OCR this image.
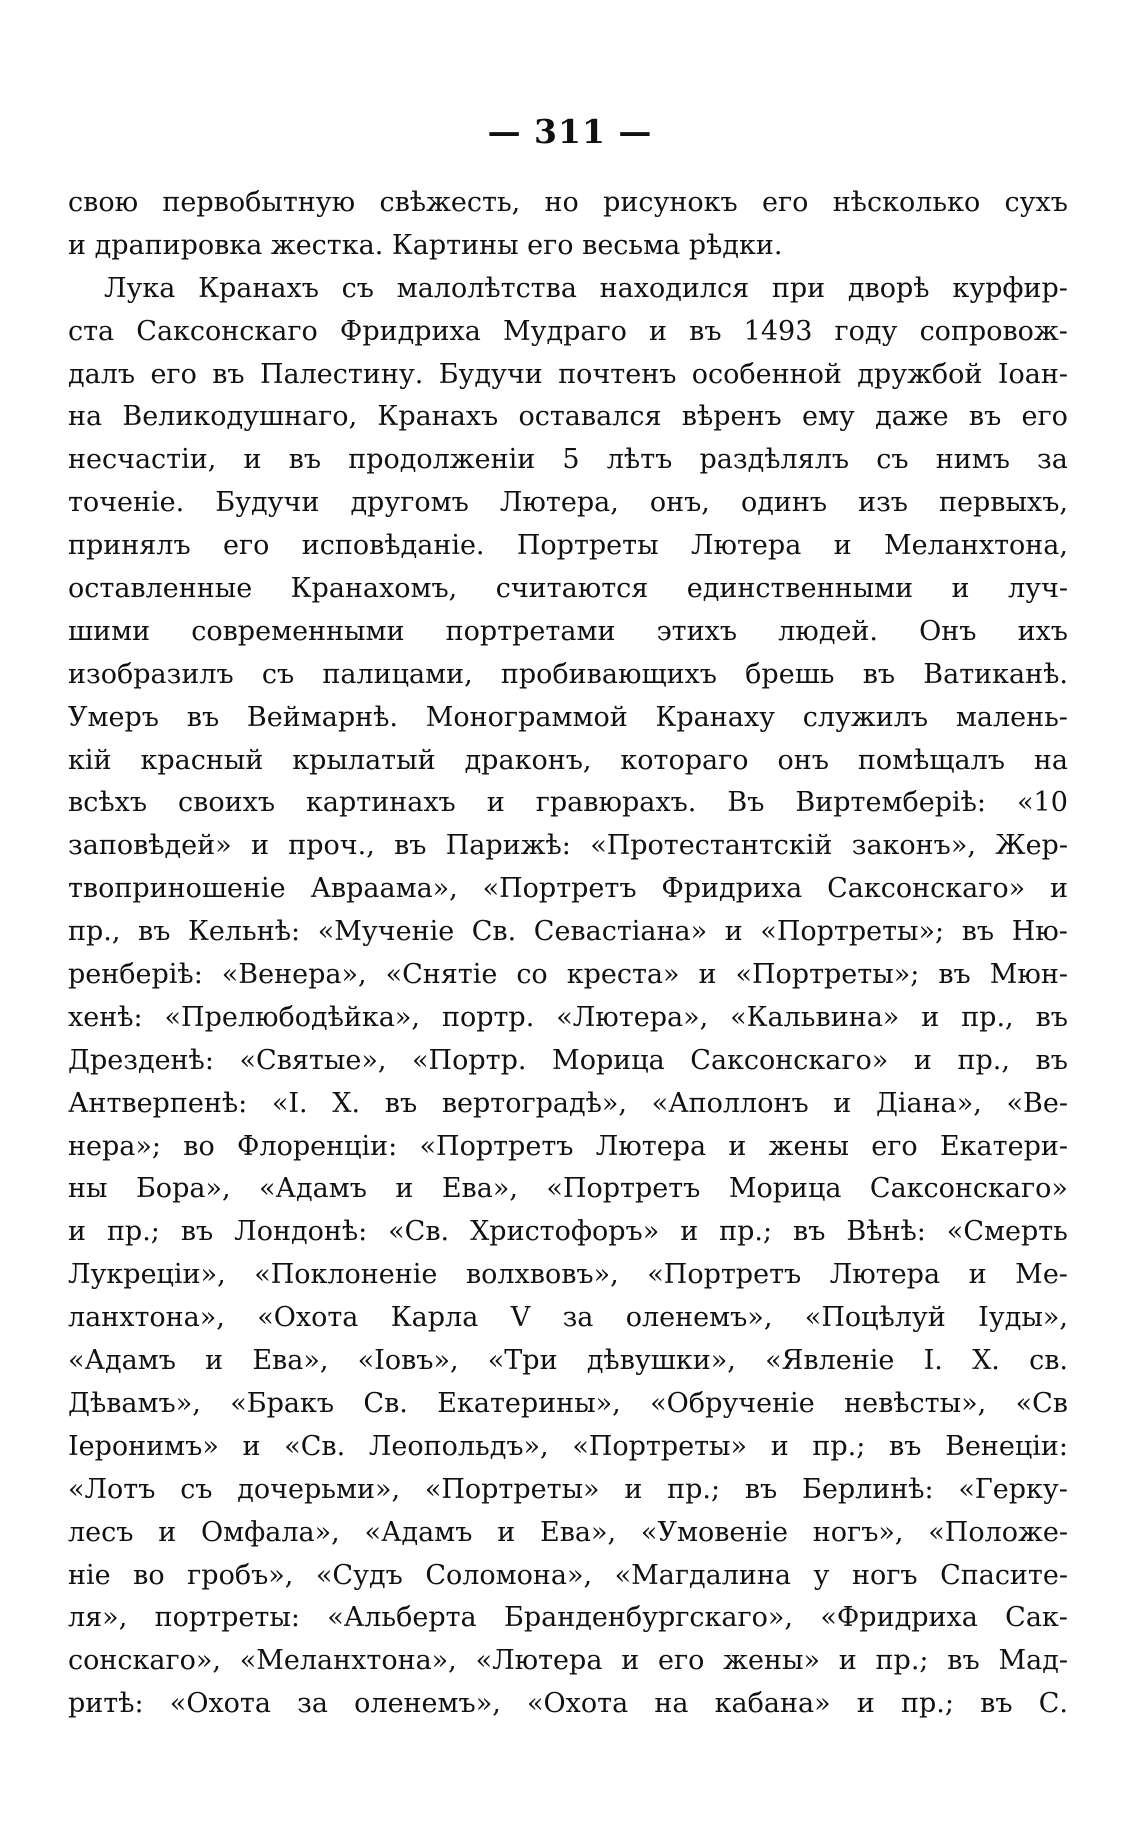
— 311 —
свою первобытную свѣжесть, но рисунокъ его нѣсколько сухъ
и драпировка жестка. Картины его весьма рѣдки.
Лука Кранахъ съ малолѣтства находился при дворѣ курфир-
ста Саксонскаго Фридриха Мудраго и въ 1493 году сопровож-
далъ его въ Палестину. Будучи почтенъ особенной дружбой Іоан-
на Великодушнаго, Кранахъ оставался вѣренъ ему даже въ его
несчастіи, и въ продолженіи 5 лѣтъ раздѣлялъ съ нимъ за
точеніе. Будучи другомъ Лютера, онъ, одинъ изъ первыхъ,
принялъ его исповѣданіе. Портреты Лютера и Меланхтона,
оставленные Кранахомъ, считаются единственными и луч-
шими современными портретами этихъ людей. Онъ ихъ
изобразилъ съ палицами, пробивающихъ брешь въ Ватиканѣ.
Умеръ въ Веймарнѣ. Монограммой Кранаху служилъ малень-
кій красный крылатый драконъ, котораго онъ помѣщалъ на
всѣхъ своихъ картинахъ и гравюрахъ. Въ Виртемберіѣ: «10
заповѣдей» и проч., въ Парижѣ: «Протестантскій законъ», Жер-
твоприношеніе Авраама», «Портретъ Фридриха Саксонскаго» и
пр., въ Кельнѣ: «Мученіе Св. Севастіана» и «Портреты»; въ Ню-
ренберіѣ: «Венера», «Снятіе со креста» и «Портреты»; въ Мюн-
хенѣ: «Прелюбодѣйка», портр. «Лютера», «Кальвина» и пр., въ
Дрезденѣ: «Святые», «Портр. Морица Саксонскаго» и пр., въ
Антверпенѣ: «І. Х. въ вертоградѣ», «Аполлонъ и Діана», «Ве-
нера»; во Флоренціи: «Портретъ Лютера и жены его Екатери-
ны Бора», «Адамъ и Ева», «Портретъ Морица Саксонскаго»
и пр.; въ Лондонѣ: «Св. Христофоръ» и пр.; въ Вѣнѣ: «Смерть
Лукреціи», «Поклоненіе волхвовъ», «Портретъ Лютера и Ме-
ланхтона», «Охота Карла V за оленемъ», «Поцѣлуй Іуды»,
«Адамъ и Ева», «Іовъ», «Три дѣвушки», «Явленіе І. Х. св.
Дѣвамъ», «Бракъ Св. Екатерины», «Обрученіе невѣсты», «Св
Іеронимъ» и «Св. Леопольдъ», «Портреты» и пр.; въ Венеціи:
«Лотъ съ дочерьми», «Портреты» и пр.; въ Берлинѣ: «Герку-
лесъ и Омфала», «Адамъ и Ева», «Умовеніе ногъ», «Положе-
ніе во гробъ», «Судъ Соломона», «Магдалина у ногъ Спасите-
ля», портреты: «Альберта Бранденбургскаго», «Фридриха Сак-
сонскаго», «Меланхтона», «Лютера и его жены» и пр.; въ Мад-
ритѣ: «Охота за оленемъ», «Охота на кабана» и пр.; въ С.
